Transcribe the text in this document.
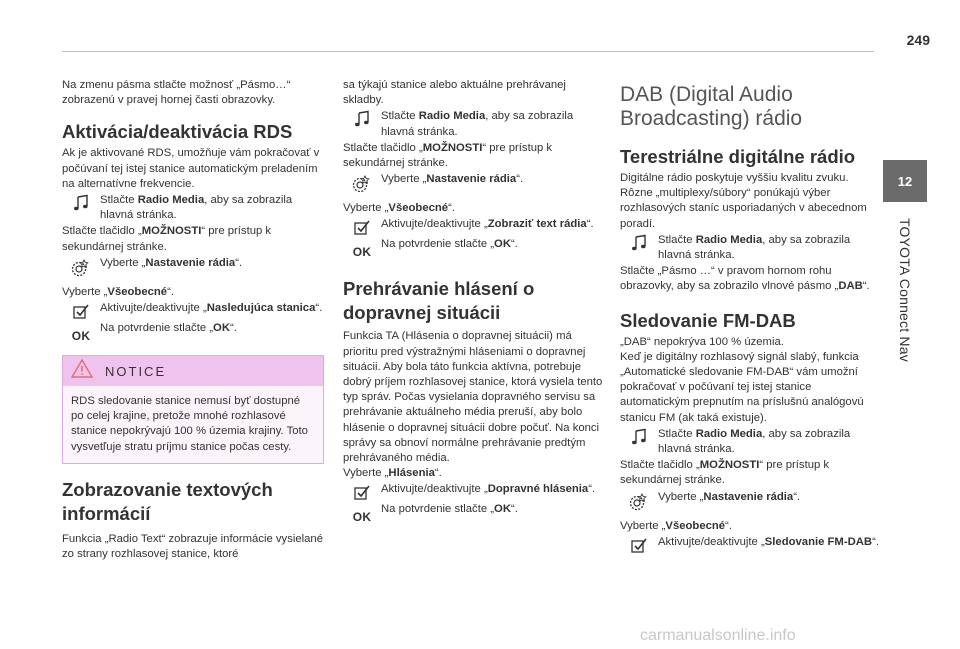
249
12
TOYOTA Connect Nav

Na zmenu pásma stlačte možnosť „Pásmo…“ zobrazenú v pravej hornej časti obrazovky.

Aktivácia/deaktivácia RDS

Ak je aktivované RDS, umožňuje vám pokračovať v počúvaní tej istej stanice automatickým preladením na alternatívne frekvencie.

Stlačte Radio Media, aby sa zobrazila hlavná stránka.

Stlačte tlačidlo „MOŽNOSTI“ pre prístup k sekundárnej stránke.

Vyberte „Nastavenie rádia“.

Vyberte „Všeobecné“.

Aktivujte/deaktivujte „Nasledujúca stanica“.
OK
Na potvrdenie stlačte „OK“.
NOTICE

RDS sledovanie stanice nemusí byť dostupné po celej krajine, pretože mnohé rozhlasové stanice nepokrývajú 100 % územia krajiny. Toto vysvetľuje stratu príjmu stanice počas cesty.

Zobrazovanie textových informácií

Funkcia „Radio Text“ zobrazuje informácie vysielané zo strany rozhlasovej stanice, ktoré

sa týkajú stanice alebo aktuálne prehrávanej skladby.

Stlačte Radio Media, aby sa zobrazila hlavná stránka.

Stlačte tlačidlo „MOŽNOSTI“ pre prístup k sekundárnej stránke.

Vyberte „Nastavenie rádia“.

Vyberte „Všeobecné“.

Aktivujte/deaktivujte „Zobraziť text rádia“.
OK
Na potvrdenie stlačte „OK“.
Prehrávanie hlásení o dopravnej situácii

Funkcia TA (Hlásenia o dopravnej situácii) má prioritu pred výstražnými hláseniami o dopravnej situácii. Aby bola táto funkcia aktívna, potrebuje dobrý príjem rozhlasovej stanice, ktorá vysiela tento typ správ. Počas vysielania dopravného servisu sa prehrávanie aktuálneho média preruší, aby bolo hlásenie o dopravnej situácii dobre počuť. Na konci správy sa obnoví normálne prehrávanie predtým prehrávaného média.

Vyberte „Hlásenia“.

Aktivujte/deaktivujte „Dopravné hlásenia“.
OK
Na potvrdenie stlačte „OK“.
DAB (Digital Audio Broadcasting) rádio
Terestriálne digitálne rádio

Digitálne rádio poskytuje vyššiu kvalitu zvuku. Rôzne „multiplexy/súbory“ ponúkajú výber rozhlasových staníc usporiadaných v abecednom poradí.

Stlačte Radio Media, aby sa zobrazila hlavná stránka.

Stlačte „Pásmo …“ v pravom hornom rohu obrazovky, aby sa zobrazilo vlnové pásmo „DAB“.

Sledovanie FM-DAB

„DAB“ nepokrýva 100 % územia.
Keď je digitálny rozhlasový signál slabý, funkcia „Automatické sledovanie FM-DAB“ vám umožní pokračovať v počúvaní tej istej stanice automatickým prepnutím na príslušnú analógovú stanicu FM (ak taká existuje).

Stlačte Radio Media, aby sa zobrazila hlavná stránka.

Stlačte tlačidlo „MOŽNOSTI“ pre prístup k sekundárnej stránke.

Vyberte „Nastavenie rádia“.

Vyberte „Všeobecné“.

Aktivujte/deaktivujte „Sledovanie FM-DAB“.
carmanualsonline.info
